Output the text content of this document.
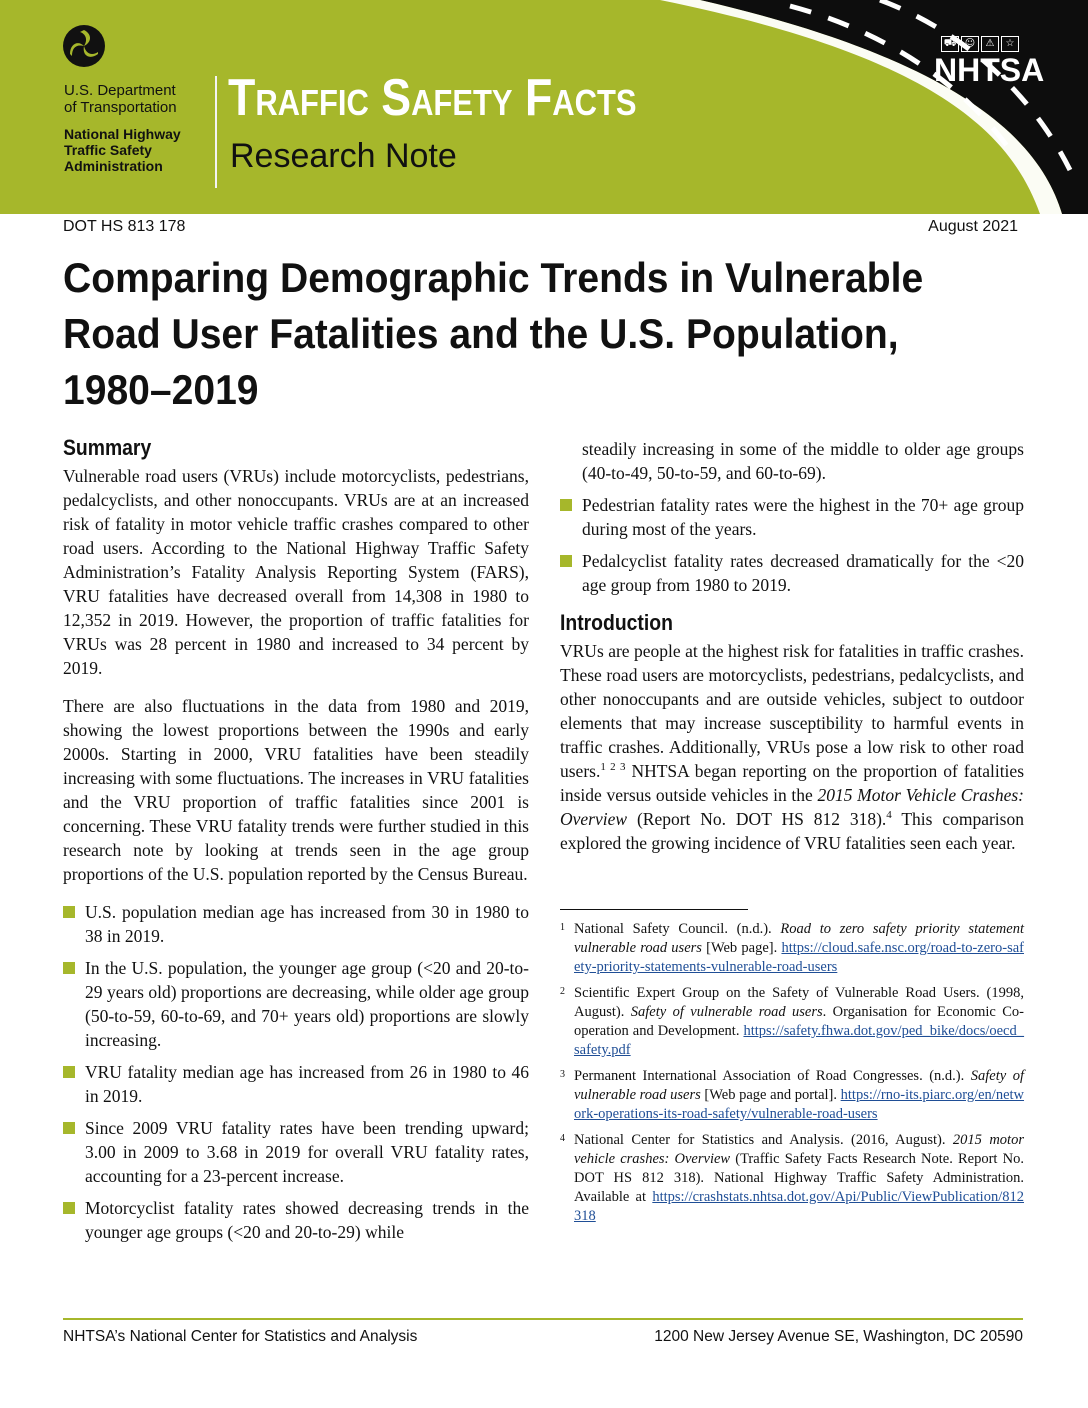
U.S. Department
of Transportation
National Highway
Traffic Safety
Administration
Traffic Safety Facts
Research Note
⛟ ☺	⚠	☆
NHTSA
DOT HS 813 178	August 2021
Comparing Demographic Trends in Vulnerable Road User Fatalities and the U.S. Population, 1980–2019
Summary

Vulnerable road users (VRUs) include motorcyclists, pedestrians, pedalcyclists, and other nonoccupants. VRUs are at an increased risk of fatality in motor vehicle traffic crashes compared to other road users. According to the National Highway Traffic Safety Administration’s Fatality Analysis Reporting System (FARS), VRU fatalities have decreased overall from 14,308 in 1980 to 12,352 in 2019. However, the proportion of traffic fatalities for VRUs was 28 percent in 1980 and increased to 34 percent by 2019.

There are also fluctuations in the data from 1980 and 2019, showing the lowest proportions between the 1990s and early 2000s. Starting in 2000, VRU fatalities have been steadily increasing with some fluctuations. The increases in VRU fatalities and the VRU proportion of traffic fatalities since 2001 is concerning. These VRU fatality trends were further studied in this research note by looking at trends seen in the age group proportions of the U.S. population reported by the Census Bureau.

U.S. population median age has increased from 30 in 1980 to 38 in 2019.
In the U.S. population, the younger age group (<20 and 20-to-29 years old) proportions are decreasing, while older age group (50-to-59, 60-to-69, and 70+ years old) proportions are slowly increasing.
VRU fatality median age has increased from 26 in 1980 to 46 in 2019.
Since 2009 VRU fatality rates have been trending upward; 3.00 in 2009 to 3.68 in 2019 for overall VRU fatality rates, accounting for a 23-percent increase.
Motorcyclist fatality rates showed decreasing trends in the younger age groups (<20 and 20-to-29) while

steadily increasing in some of the middle to older age groups (40-to-49, 50-to-59, and 60-to-69).

Pedestrian fatality rates were the highest in the 70+ age group during most of the years.
Pedalcyclist fatality rates decreased dramatically for the <20 age group from 1980 to 2019.
Introduction

VRUs are people at the highest risk for fatalities in traffic crashes. These road users are motorcyclists, pedestrians, pedalcyclists, and other nonoccupants and are outside vehicles, subject to outdoor elements that may increase susceptibility to harmful events in traffic crashes. Additionally, VRUs pose a low risk to other road users.$^{1 2 3}$ NHTSA began reporting on the proportion of fatalities inside versus outside vehicles in the 2015 Motor Vehicle Crashes: Overview (Report No. DOT HS 812 318).$^4$ This comparison explored the growing incidence of VRU fatalities seen each year.

1 National Safety Council. (n.d.). Road to zero safety priority statement vulnerable road users [Web page]. https://cloud.safe.nsc.org/road-to-zero-safety-priority-statements-vulnerable-road-users
2 Scientific Expert Group on the Safety of Vulnerable Road Users. (1998, August). Safety of vulnerable road users. Organisation for Economic Co-operation and Development. https://safety.fhwa.dot.gov/ped_bike/docs/oecd_safety.pdf
3 Permanent International Association of Road Congresses. (n.d.). Safety of vulnerable road users [Web page and portal]. https://rno-its.piarc.org/en/network-operations-its-road-safety/vulnerable-road-users
4 National Center for Statistics and Analysis. (2016, August). 2015 motor vehicle crashes: Overview (Traffic Safety Facts Research Note. Report No. DOT HS 812 318). National Highway Traffic Safety Administration. Available at https://crashstats.nhtsa.dot.gov/Api/Public/ViewPublication/812318
NHTSA’s National Center for Statistics and Analysis	1200 New Jersey Avenue SE, Washington, DC 20590
